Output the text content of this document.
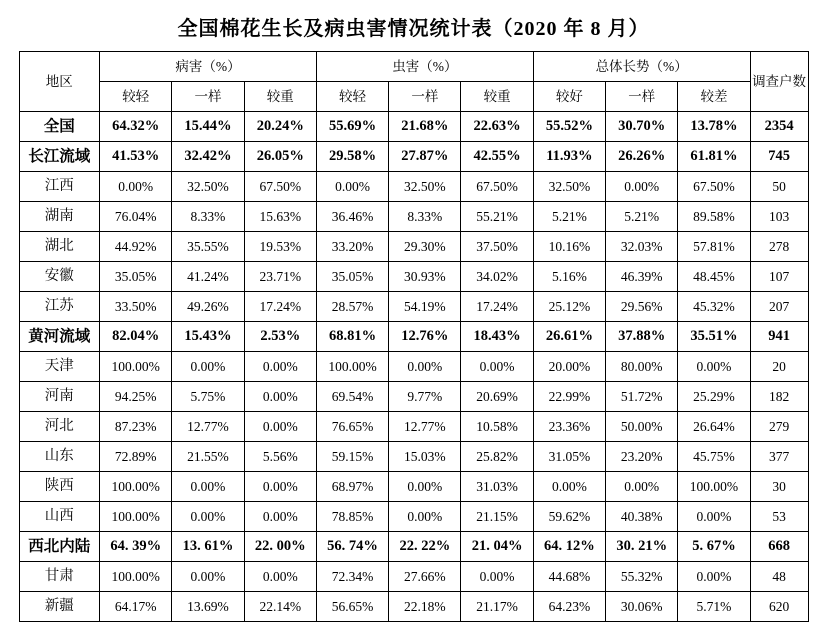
全国棉花生长及病虫害情况统计表（2020 年 8 月）
地区	病害（%）			虫害（%）			总体长势（%）			调查户数
	较轻	一样	较重	较轻	一样	较重	较好	一样	较差	
全国	64.32%	15.44%	20.24%	55.69%	21.68%	22.63%	55.52%	30.70%	13.78%	2354
长江流域	41.53%	32.42%	26.05%	29.58%	27.87%	42.55%	11.93%	26.26%	61.81%	745
江西	0.00%	32.50%	67.50%	0.00%	32.50%	67.50%	32.50%	0.00%	67.50%	50
湖南	76.04%	8.33%	15.63%	36.46%	8.33%	55.21%	5.21%	5.21%	89.58%	103
湖北	44.92%	35.55%	19.53%	33.20%	29.30%	37.50%	10.16%	32.03%	57.81%	278
安徽	35.05%	41.24%	23.71%	35.05%	30.93%	34.02%	5.16%	46.39%	48.45%	107
江苏	33.50%	49.26%	17.24%	28.57%	54.19%	17.24%	25.12%	29.56%	45.32%	207
黄河流域	82.04%	15.43%	2.53%	68.81%	12.76%	18.43%	26.61%	37.88%	35.51%	941
天津	100.00%	0.00%	0.00%	100.00%	0.00%	0.00%	20.00%	80.00%	0.00%	20
河南	94.25%	5.75%	0.00%	69.54%	9.77%	20.69%	22.99%	51.72%	25.29%	182
河北	87.23%	12.77%	0.00%	76.65%	12.77%	10.58%	23.36%	50.00%	26.64%	279
山东	72.89%	21.55%	5.56%	59.15%	15.03%	25.82%	31.05%	23.20%	45.75%	377
陕西	100.00%	0.00%	0.00%	68.97%	0.00%	31.03%	0.00%	0.00%	100.00%	30
山西	100.00%	0.00%	0.00%	78.85%	0.00%	21.15%	59.62%	40.38%	0.00%	53
西北内陆	64. 39%	13. 61%	22. 00%	56. 74%	22. 22%	21. 04%	64. 12%	30. 21%	5. 67%	668
甘肃	100.00%	0.00%	0.00%	72.34%	27.66%	0.00%	44.68%	55.32%	0.00%	48
新疆	64.17%	13.69%	22.14%	56.65%	22.18%	21.17%	64.23%	30.06%	5.71%	620
